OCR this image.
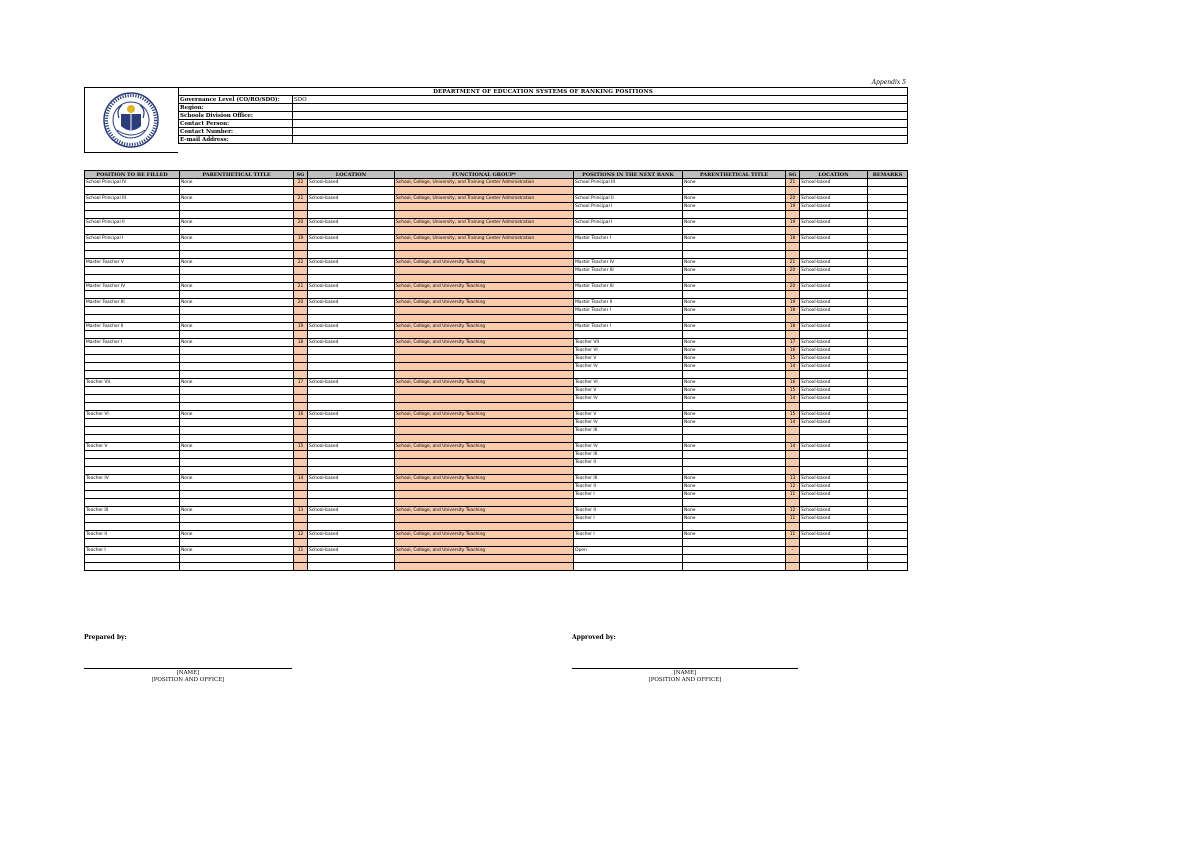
Appendix 5
DEPARTMENT OF EDUCATION SYSTEMS OF RANKING POSITIONS	
Governance Level (CO/RO/SDO):	SDO
Region:	
Schools Division Office:	
Contact Person:	
Contact Number:	
E-mail Address:	
POSITION TO BE FILLED	PARENTHETICAL TITLE	SG	LOCATION	FUNCTIONAL GROUP*	POSITIONS IN THE NEXT RANK	PARENTHETICAL TITLE	SG	LOCATION	REMARKS
School Principal IV	None	22	School-based	School, College, University, and Training Center Administration	School Principal III	None	21	School-based	

School Principal III	None	21	School-based	School, College, University, and Training Center Administration	School Principal II	None	20	School-based	
					School Principal I	None	19	School-based	

School Principal II	None	20	School-based	School, College, University, and Training Center Administration	School Principal I	None	19	School-based	

School Principal I	None	19	School-based	School, College, University, and Training Center Administration	Master Teacher I	None	18	School-based	

Master Teacher V	None	22	School-based	School, College, and University Teaching	Master Teacher IV	None	21	School-based	
					Master Teacher III	None	20	School-based	

Master Teacher IV	None	21	School-based	School, College, and University Teaching	Master Teacher III	None	20	School-based	

Master Teacher III	None	20	School-based	School, College, and University Teaching	Master Teacher II	None	19	School-based	
					Master Teacher I	None	18	School-based	

Master Teacher II	None	19	School-based	School, College, and University Teaching	Master Teacher I	None	18	School-based	

Master Teacher I	None	18	School-based	School, College, and University Teaching	Teacher VII	None	17	School-based	
					Teacher VI	None	16	School-based	
					Teacher V	None	15	School-based	
					Teacher IV	None	14	School-based	

Teacher VII	None	17	School-based	School, College, and University Teaching	Teacher VI	None	16	School-based	
					Teacher V	None	15	School-based	
					Teacher IV	None	14	School-based	

Teacher VI	None	16	School-based	School, College, and University Teaching	Teacher V	None	15	School-based	
					Teacher IV	None	14	School-based	
					Teacher III				

Teacher V	None	15	School-based	School, College, and University Teaching	Teacher IV	None	14	School-based	
					Teacher III				
					Teacher II				

Teacher IV	None	14	School-based	School, College, and University Teaching	Teacher III	None	13	School-based	
					Teacher II	None	12	School-based	
					Teacher I	None	11	School-based	

Teacher III	None	13	School-based	School, College, and University Teaching	Teacher II	None	12	School-based	
					Teacher I	None	11	School-based	

Teacher II	None	12	School-based	School, College, and University Teaching	Teacher I	None	11	School-based	

Teacher I	None	11	School-based	School, College, and University Teaching	Open		-		

Prepared by:	Approved by:
[NAME]
[POSITION AND OFFICE]
[NAME]
[POSITION AND OFFICE]
